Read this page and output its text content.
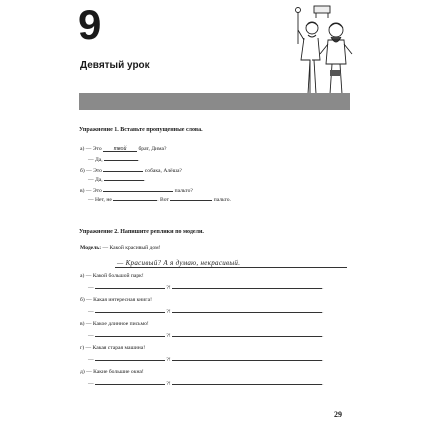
9
Девятый урок
Упражнение 1. Вставьте пропущенные слова.
а) — Это твой брат, Дима?
— Да,	.
б) — Это	собака, Алёша?
— Да,	.
в) — Это	пальто?
— Нет, не	. Вот	пальто.
Упражнение 2. Напишите реплики по модели.
Модель: — Какой красивый дом!
— Красивый? А я думаю, некрасивый.
а) — Какой большой парк!
—	?!	.
б) — Какая интересная книга!
—	?!	.
в) — Какое длинное письмо!
—	?!	.
г) — Какая старая машина!
—	?!	.
д) — Какие большие окна!
—	?!	.
29
